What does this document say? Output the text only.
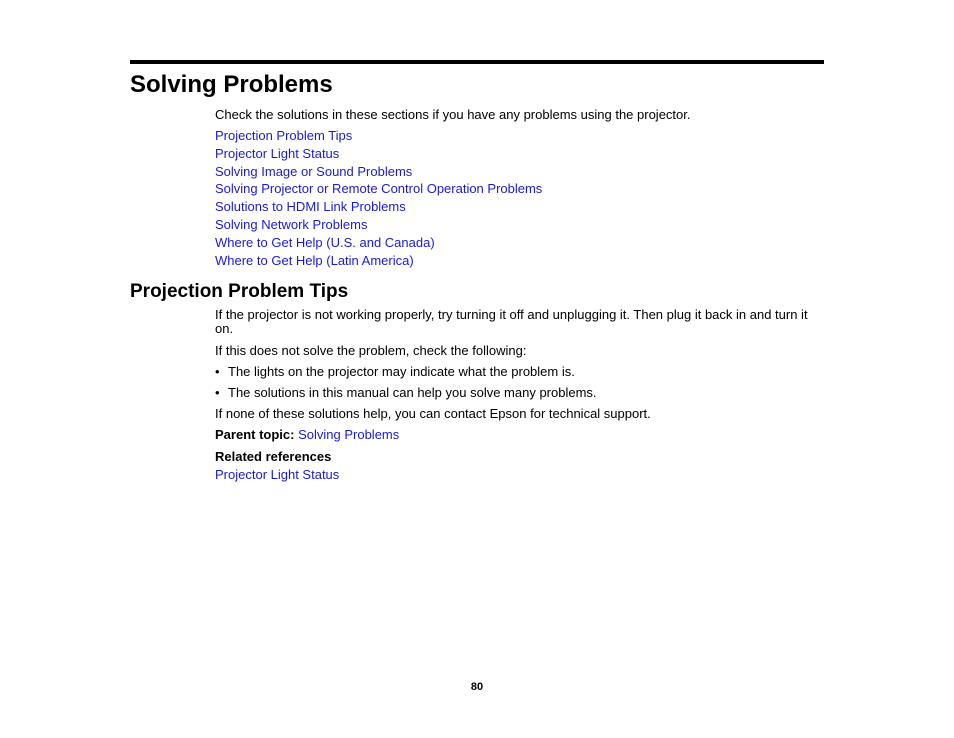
Solving Problems
Check the solutions in these sections if you have any problems using the projector.
Projection Problem Tips
Projector Light Status
Solving Image or Sound Problems
Solving Projector or Remote Control Operation Problems
Solutions to HDMI Link Problems
Solving Network Problems
Where to Get Help (U.S. and Canada)
Where to Get Help (Latin America)
Projection Problem Tips
If the projector is not working properly, try turning it off and unplugging it. Then plug it back in and turn it on.
If this does not solve the problem, check the following:
• The lights on the projector may indicate what the problem is.
• The solutions in this manual can help you solve many problems.
If none of these solutions help, you can contact Epson for technical support.
Parent topic: Solving Problems
Related references
Projector Light Status
80
